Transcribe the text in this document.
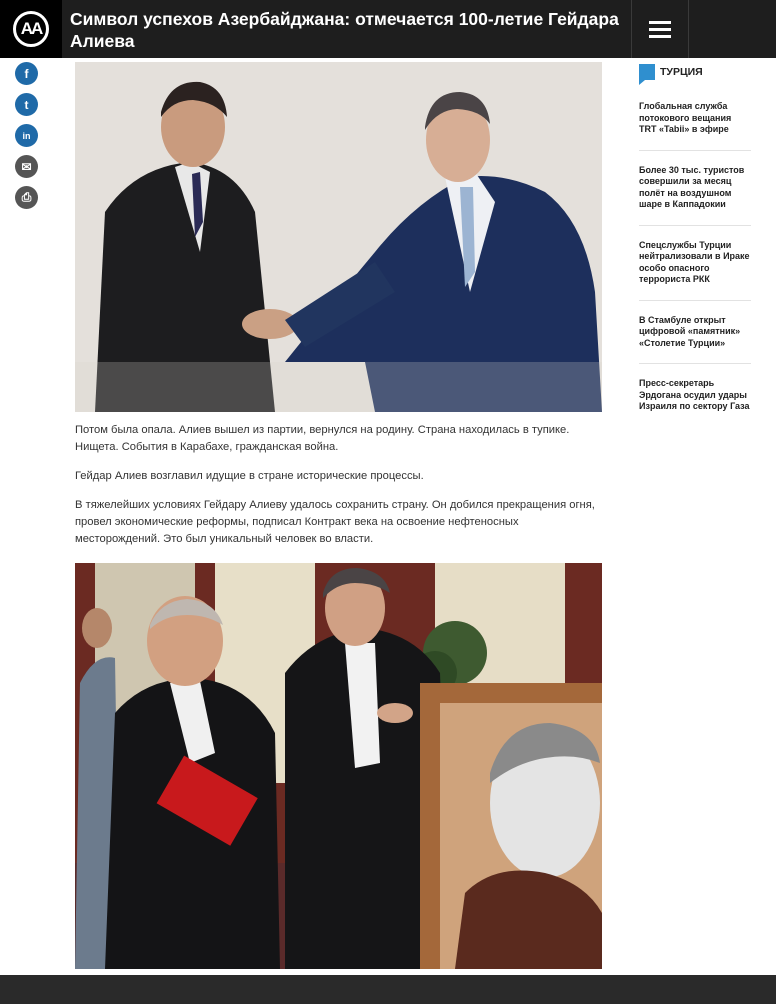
AA	Символ успехов Азербайджана: отмечается 100-летие Гейдара Алиева
f
t
in
✉
⎙
Потом была опала. Алиев вышел из партии, вернулся на родину. Страна находилась в тупике. Нищета. События в Карабахе, гражданская война.
Гейдар Алиев возглавил идущие в стране исторические процессы.
В тяжелейших условиях Гейдару Алиеву удалось сохранить страну. Он добился прекращения огня, провел экономические реформы, подписал Контракт века на освоение нефтеносных месторождений. Это был уникальный человек во власти.
ТУРЦИЯ
Глобальная служба потокового вещания TRT «Tabii» в эфире
Более 30 тыс. туристов совершили за месяц полёт на воздушном шаре в Каппадокии
Спецслужбы Турции нейтрализовали в Ираке особо опасного террориста РКК
В Стамбуле открыт цифровой «памятник» «Столетие Турции»
Пресс-секретарь Эрдогана осудил удары Израиля по сектору Газа
